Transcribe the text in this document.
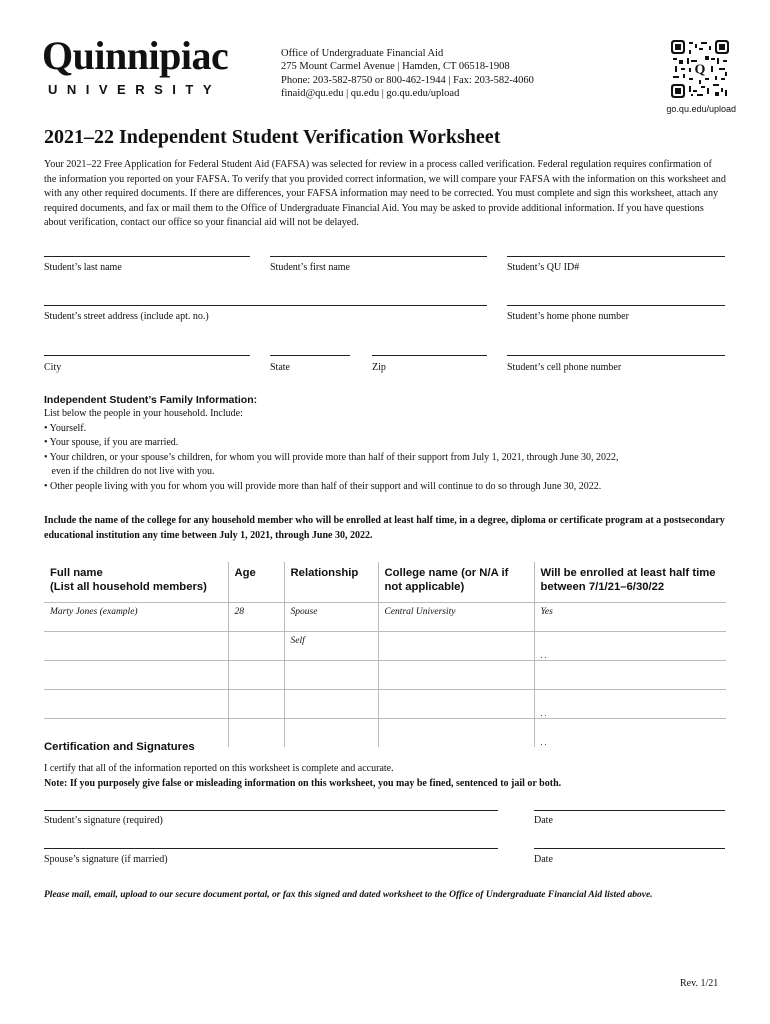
Quinnipiac
UNIVERSITY
Office of Undergraduate Financial Aid
275 Mount Carmel Avenue | Hamden, CT 06518-1908
Phone: 203-582-8750 or 800-462-1944 | Fax: 203-582-4060
finaid@qu.edu | qu.edu | go.qu.edu/upload
Q
go.qu.edu/upload
2021–22 Independent Student Verification Worksheet
Your 2021–22 Free Application for Federal Student Aid (FAFSA) was selected for review in a process called verification. Federal regulation requires confirmation of the information you reported on your FAFSA. To verify that you provided correct information, we will compare your FAFSA with the information on this worksheet and with any other required documents. If there are differences, your FAFSA information may need to be corrected. You must complete and sign this worksheet, attach any required documents, and fax or mail them to the Office of Undergraduate Financial Aid. You may be asked to provide additional information. If you have questions about verification, contact our office so your financial aid will not be delayed.
Student’s last name	Student’s first name	Student’s QU ID#
Student’s street address (include apt. no.)	Student’s home phone number
City	State	Zip	Student’s cell phone number
Independent Student’s Family Information:
List below the people in your household. Include:
• Yourself.
• Your spouse, if you are married.
• Your children, or your spouse’s children, for whom you will provide more than half of their support from July 1, 2021, through June 30, 2022,
even if the children do not live with you.
• Other people living with you for whom you will provide more than half of their support and will continue to do so through June 30, 2022.
Include the name of the college for any household member who will be enrolled at least half time, in a degree, diploma or certificate program at a postsecondary educational institution any time between July 1, 2021, through June 30, 2022.
Full name
(List all household members)	Age	Relationship	College name (or N/A if not applicable)	Will be enrolled at least half time between 7/1/21–6/30/22
Marty Jones (example)	28	Spouse	Central University	Yes
		Self		. .

				. .
				. .
Certification and Signatures
I certify that all of the information reported on this worksheet is complete and accurate.
Note: If you purposely give false or misleading information on this worksheet, you may be fined, sentenced to jail or both.
Student’s signature (required)	Date
Spouse’s signature (if married)	Date
Please mail, email, upload to our secure document portal, or fax this signed and dated worksheet to the Office of Undergraduate Financial Aid listed above.
Rev. 1/21
